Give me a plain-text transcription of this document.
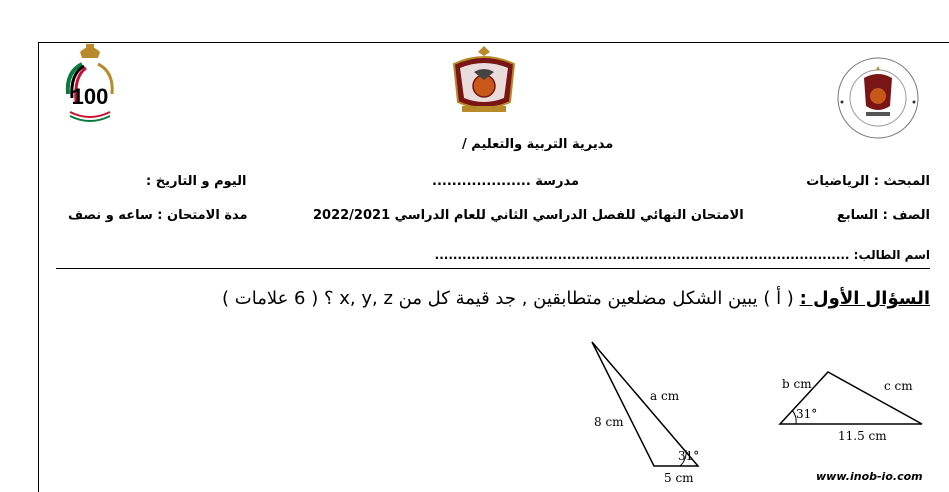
100
مديرية التربية والتعليم /
المبحث : الرياضيات
مدرسة ....................
اليوم و التاريخ :
الصف : السابع
الامتحان النهائي للفصل الدراسي الثاني للعام الدراسي 2022/2021
مدة الامتحان : ساعه و نصف
اسم الطالب: ...........................................................................................
السؤال الأول : ( أ ) يبين الشكل مضلعين متطابقين , جد قيمة كل من x, y, z ؟ ( 6 علامات )
8 cm
a cm
5 cm
31°
b cm	c cm
11.5 cm
31°
www.inob-io.com
